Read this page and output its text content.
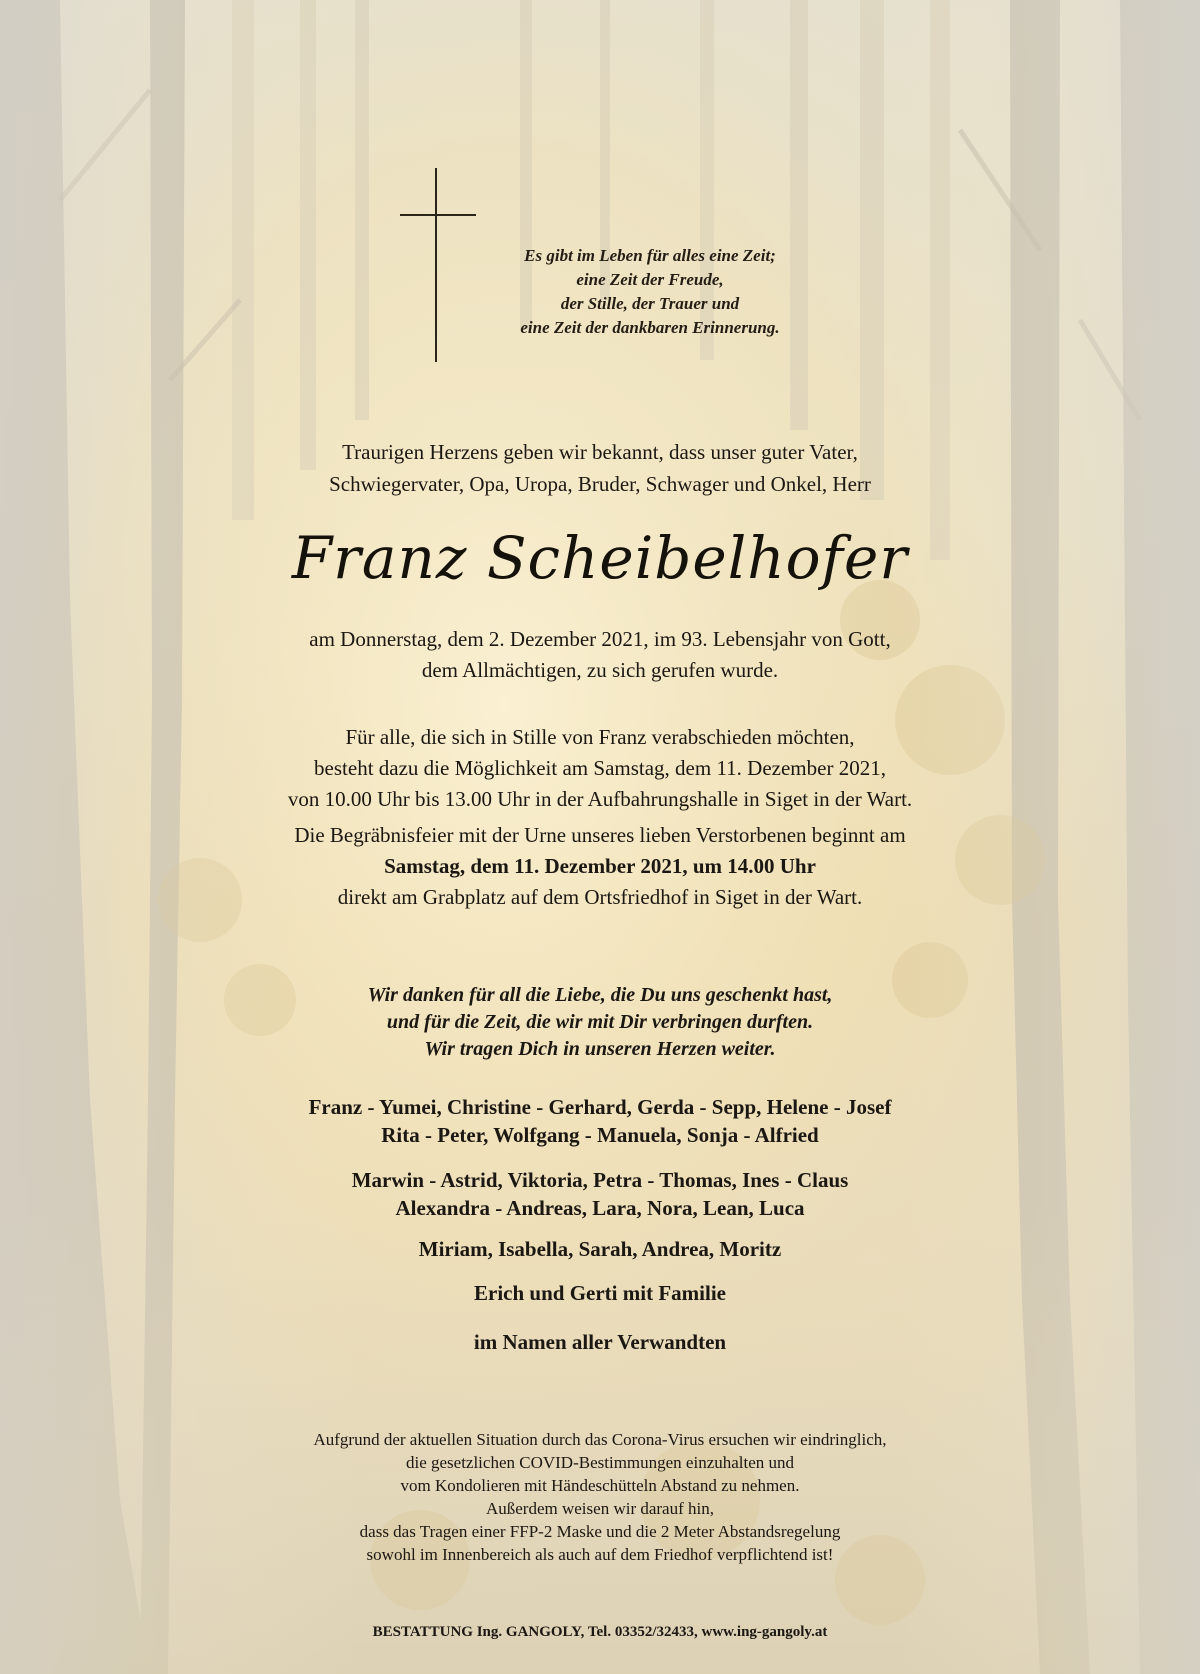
Es gibt im Leben für alles eine Zeit;
eine Zeit der Freude,
der Stille, der Trauer und
eine Zeit der dankbaren Erinnerung.
Traurigen Herzens geben wir bekannt, dass unser guter Vater,
Schwiegervater, Opa, Uropa, Bruder, Schwager und Onkel, Herr
Franz Scheibelhofer
am Donnerstag, dem 2. Dezember 2021, im 93. Lebensjahr von Gott,
dem Allmächtigen, zu sich gerufen wurde.
Für alle, die sich in Stille von Franz verabschieden möchten,
besteht dazu die Möglichkeit am Samstag, dem 11. Dezember 2021,
von 10.00 Uhr bis 13.00 Uhr in der Aufbahrungshalle in Siget in der Wart.
Die Begräbnisfeier mit der Urne unseres lieben Verstorbenen beginnt am
Samstag, dem 11. Dezember 2021, um 14.00 Uhr
direkt am Grabplatz auf dem Ortsfriedhof in Siget in der Wart.
Wir danken für all die Liebe, die Du uns geschenkt hast,
und für die Zeit, die wir mit Dir verbringen durften.
Wir tragen Dich in unseren Herzen weiter.
Franz - Yumei, Christine - Gerhard, Gerda - Sepp, Helene - Josef
Rita - Peter, Wolfgang - Manuela, Sonja - Alfried
Marwin - Astrid, Viktoria, Petra - Thomas, Ines - Claus
Alexandra - Andreas, Lara, Nora, Lean, Luca
Miriam, Isabella, Sarah, Andrea, Moritz
Erich und Gerti mit Familie
im Namen aller Verwandten
Aufgrund der aktuellen Situation durch das Corona-Virus ersuchen wir eindringlich,
die gesetzlichen COVID-Bestimmungen einzuhalten und
vom Kondolieren mit Händeschütteln Abstand zu nehmen.
Außerdem weisen wir darauf hin,
dass das Tragen einer FFP-2 Maske und die 2 Meter Abstandsregelung
sowohl im Innenbereich als auch auf dem Friedhof verpflichtend ist!
BESTATTUNG Ing. GANGOLY, Tel. 03352/32433, www.ing-gangoly.at
